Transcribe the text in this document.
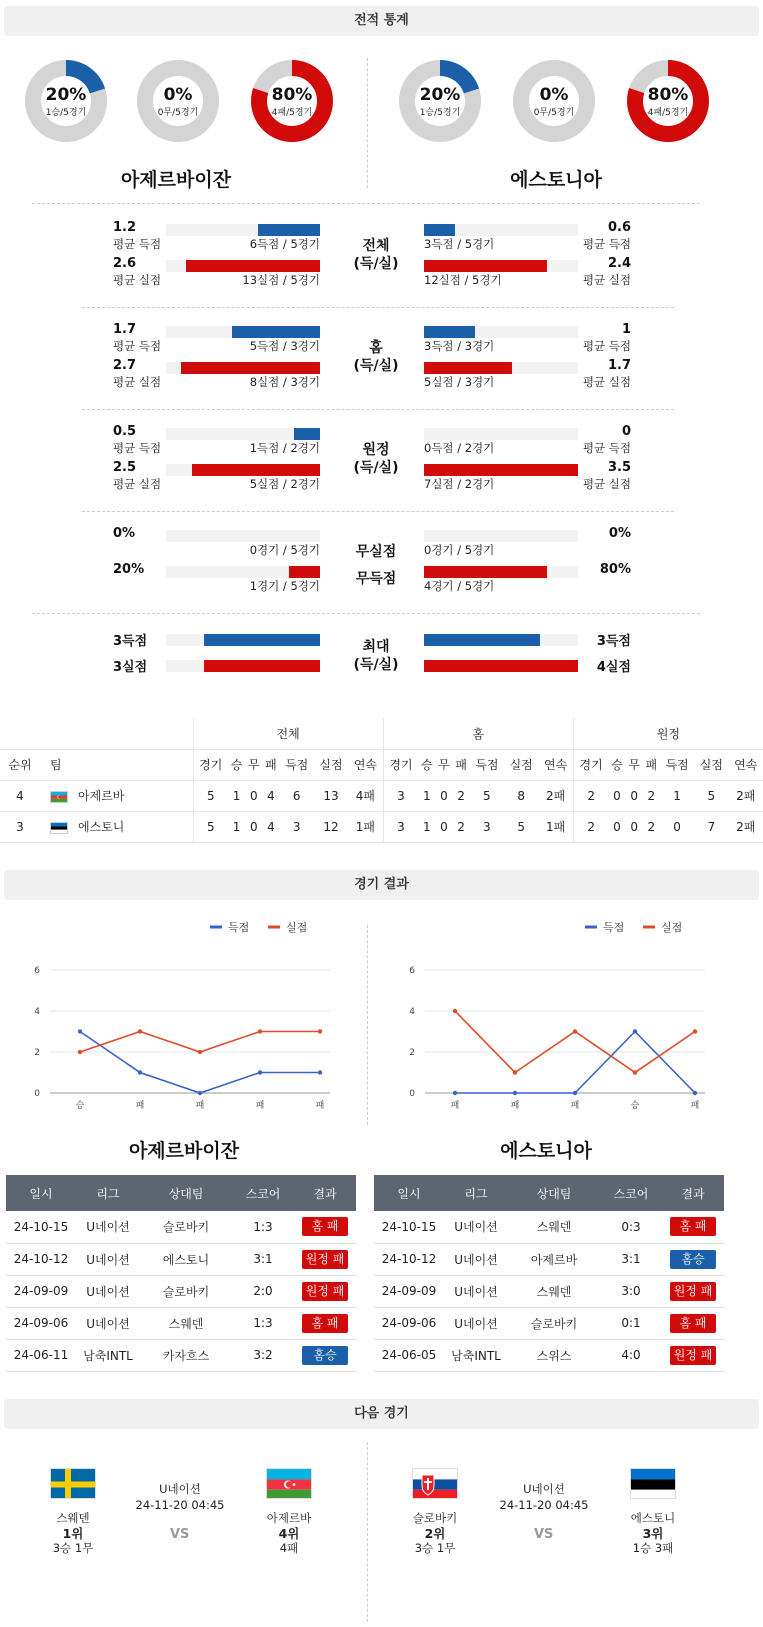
전적 통계
20%
1승/5경기
0%
0무/5경기
80%
4패/5경기
20%
1승/5경기
0%
0무/5경기
80%
4패/5경기
아제르바이잔	에스토니아
1.2
평균 득점	6득점 / 5경기	3득점 / 5경기
0.6
평균 득점
2.6
평균 실점	13실점 / 5경기	12실점 / 5경기
2.4
평균 실점
전체
(득/실)
1.7
평균 득점	5득점 / 3경기	3득점 / 3경기
1
평균 득점
2.7
평균 실점	8실점 / 3경기	5실점 / 3경기
1.7
평균 실점
홈
(득/실)
0.5
평균 득점	1득점 / 2경기	0득점 / 2경기
0
평균 득점
2.5
평균 실점	5실점 / 2경기	7실점 / 2경기
3.5
평균 실점
원정
(득/실)
0%
0경기 / 5경기	0경기 / 5경기
0%
20%
1경기 / 5경기	4경기 / 5경기
80%
무득점
무실점
3득점	3득점
3실점	4실점
최대
(득/실)
		전체							홈							원정						
순위	팀	경기	승	무	패	득점	실점	연속	경기	승	무	패	득점	실점	연속	경기	승	무	패	득점	실점	연속
4	아제르바	5	1	0	4	6	13	4패	3	1	0	2	5	8	2패	2	0	0	2	1	5	2패
3	에스토니	5	1	0	4	3	12	1패	3	1	0	2	3	5	1패	2	0	0	2	0	7	2패
경기 결과
0
2
4
6
승	패	패	패	패
득점	실점
0
2
4
6
패	패	패	승	패
득점	실점
아제르바이잔	에스토니아
일시	리그	상대팀	스코어	결과
24-10-15	U네이션	슬로바키	1:3	홈 패
24-10-12	U네이션	에스토니	3:1	원정 패
24-09-09	U네이션	슬로바키	2:0	원정 패
24-09-06	U네이션	스웨덴	1:3	홈 패
24-06-11	남축INTL	카자흐스	3:2	홈승
일시	리그	상대팀	스코어	결과
24-10-15	U네이션	스웨덴	0:3	홈 패
24-10-12	U네이션	아제르바	3:1	홈승
24-09-09	U네이션	스웨덴	3:0	원정 패
24-09-06	U네이션	슬로바키	0:1	홈 패
24-06-05	남축INTL	스위스	4:0	원정 패
다음 경기
스웨덴
1위
3승 1무
아제르바
4위
4패
U네이션
24-11-20 04:45
VS
슬로바키
2위
3승 1무
에스토니
3위
1승 3패
U네이션
24-11-20 04:45
VS
